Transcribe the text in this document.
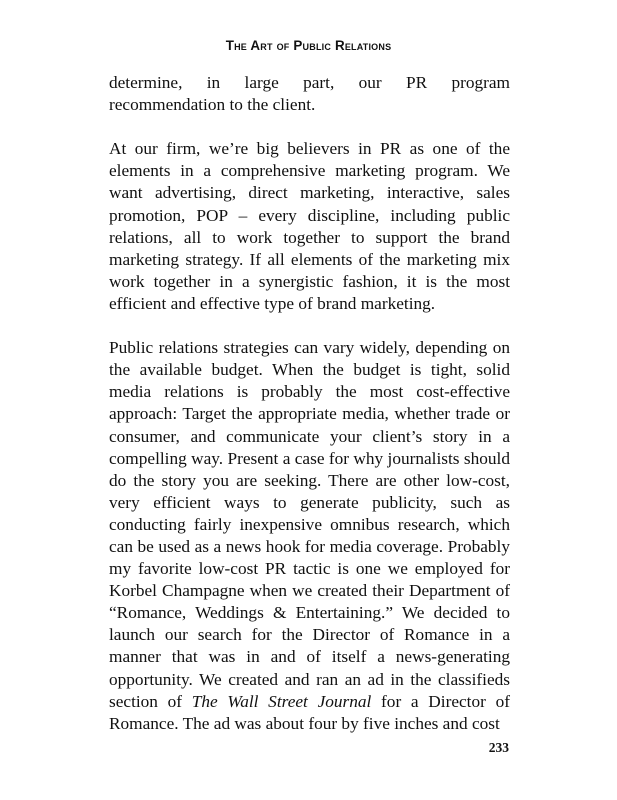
The Art of Public Relations

determine, in large part, our PR program recommendation to the client.

At our firm, we’re big believers in PR as one of the elements in a comprehensive marketing program. We want advertising, direct marketing, interactive, sales promotion, POP – every discipline, including public relations, all to work together to support the brand marketing strategy. If all elements of the marketing mix work together in a synergistic fashion, it is the most efficient and effective type of brand marketing.

Public relations strategies can vary widely, depending on the available budget. When the budget is tight, solid media relations is probably the most cost-effective approach: Target the appropriate media, whether trade or consumer, and communicate your client’s story in a compelling way. Present a case for why journalists should do the story you are seeking. There are other low-cost, very efficient ways to generate publicity, such as conducting fairly inexpensive omnibus research, which can be used as a news hook for media coverage. Probably my favorite low-cost PR tactic is one we employed for Korbel Champagne when we created their Department of “Romance, Weddings & Entertaining.” We decided to launch our search for the Director of Romance in a manner that was in and of itself a news-generating opportunity. We created and ran an ad in the classifieds section of The Wall Street Journal for a Director of Romance. The ad was about four by five inches and cost

233
